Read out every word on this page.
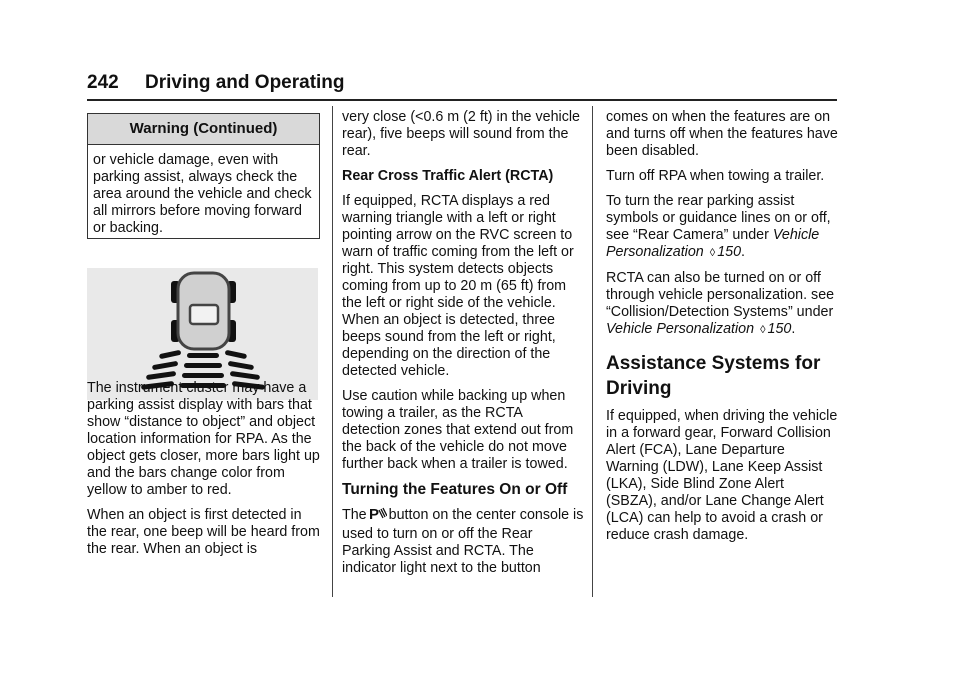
242 Driving and Operating
Warning (Continued)
or vehicle damage, even with parking assist, always check the area around the vehicle and check all mirrors before moving forward or backing.

The instrument cluster may have a parking assist display with bars that show “distance to object” and object location information for RPA. As the object gets closer, more bars light up and the bars change color from yellow to amber to red.

When an object is first detected in the rear, one beep will be heard from the rear. When an object is

very close (<0.6 m (2 ft) in the vehicle rear), five beeps will sound from the rear.

Rear Cross Traffic Alert (RCTA)

If equipped, RCTA displays a red warning triangle with a left or right pointing arrow on the RVC screen to warn of traffic coming from the left or right. This system detects objects coming from up to 20 m (65 ft) from the left or right side of the vehicle. When an object is detected, three beeps sound from the left or right, depending on the direction of the detected vehicle.

Use caution while backing up when towing a trailer, as the RCTA detection zones that extend out from the back of the vehicle do not move further back when a trailer is towed.

Turning the Features On or Off

The P button on the center console is used to turn on or off the Rear Parking Assist and RCTA. The indicator light next to the button

comes on when the features are on and turns off when the features have been disabled.

Turn off RPA when towing a trailer.

To turn the rear parking assist symbols or guidance lines on or off, see “Rear Camera” under Vehicle Personalization ◊ 150.

RCTA can also be turned on or off through vehicle personalization. see “Collision/Detection Systems” under Vehicle Personalization ◊ 150.

Assistance Systems for Driving

If equipped, when driving the vehicle in a forward gear, Forward Collision Alert (FCA), Lane Departure Warning (LDW), Lane Keep Assist (LKA), Side Blind Zone Alert (SBZA), and/or Lane Change Alert (LCA) can help to avoid a crash or reduce crash damage.
